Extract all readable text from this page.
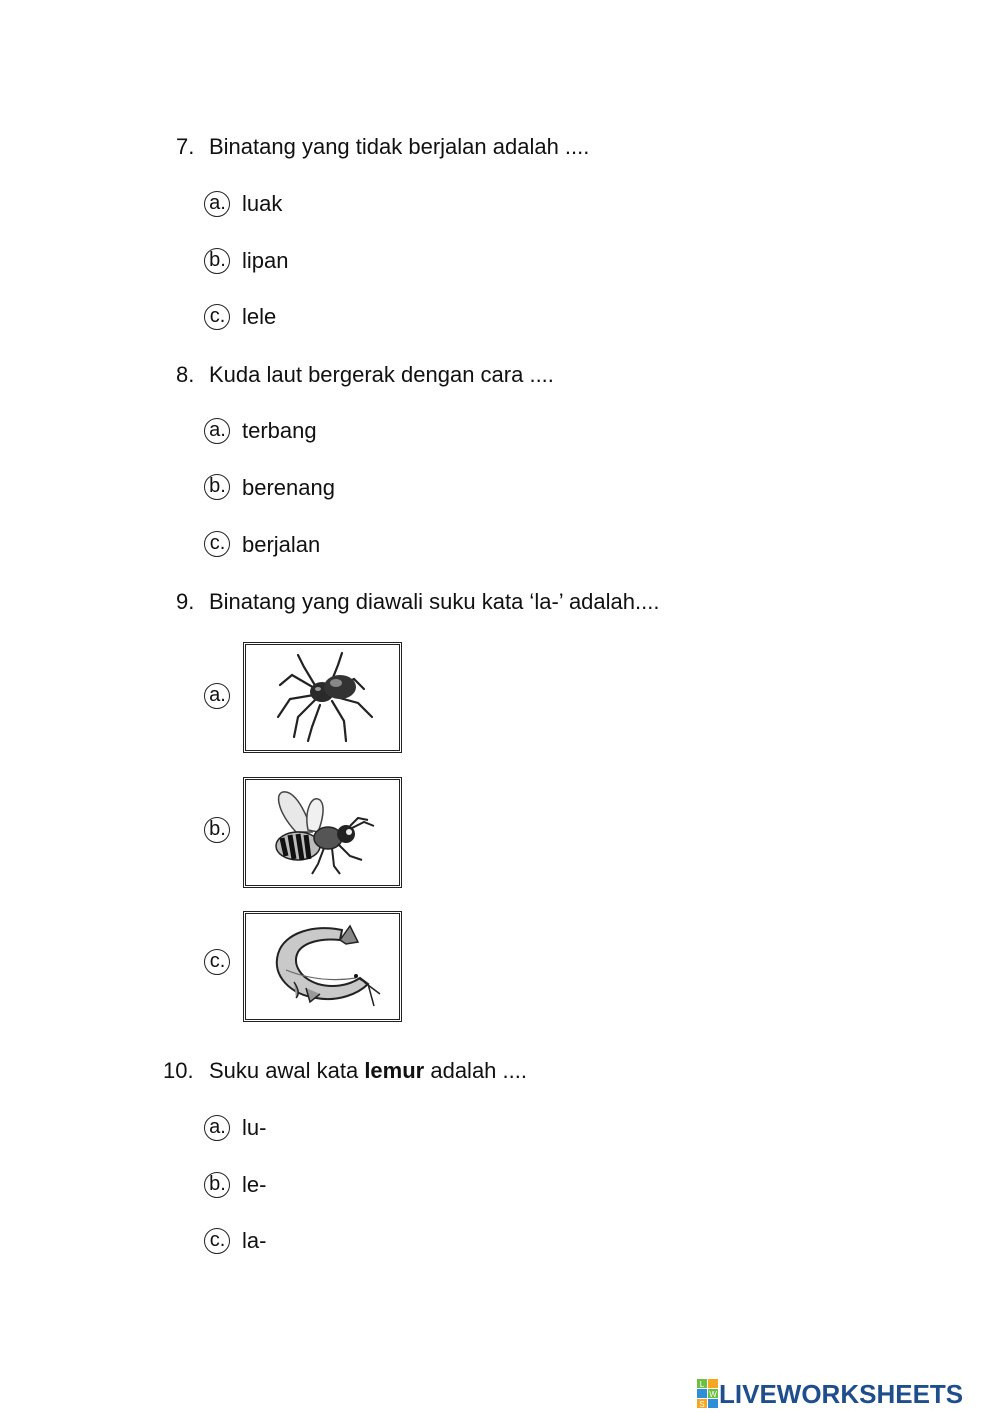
7. Binatang yang tidak berjalan adalah ....
a. luak
b. lipan
c. lele
8. Kuda laut bergerak dengan cara ....
a. terbang
b. berenang
c. berjalan
9. Binatang yang diawali suku kata ‘la-’ adalah....
a.
b.
c.
10. Suku awal kata lemur adalah ....
a. lu-
b. le-
c. la-
L
W
S LIVEWORKSHEETS
